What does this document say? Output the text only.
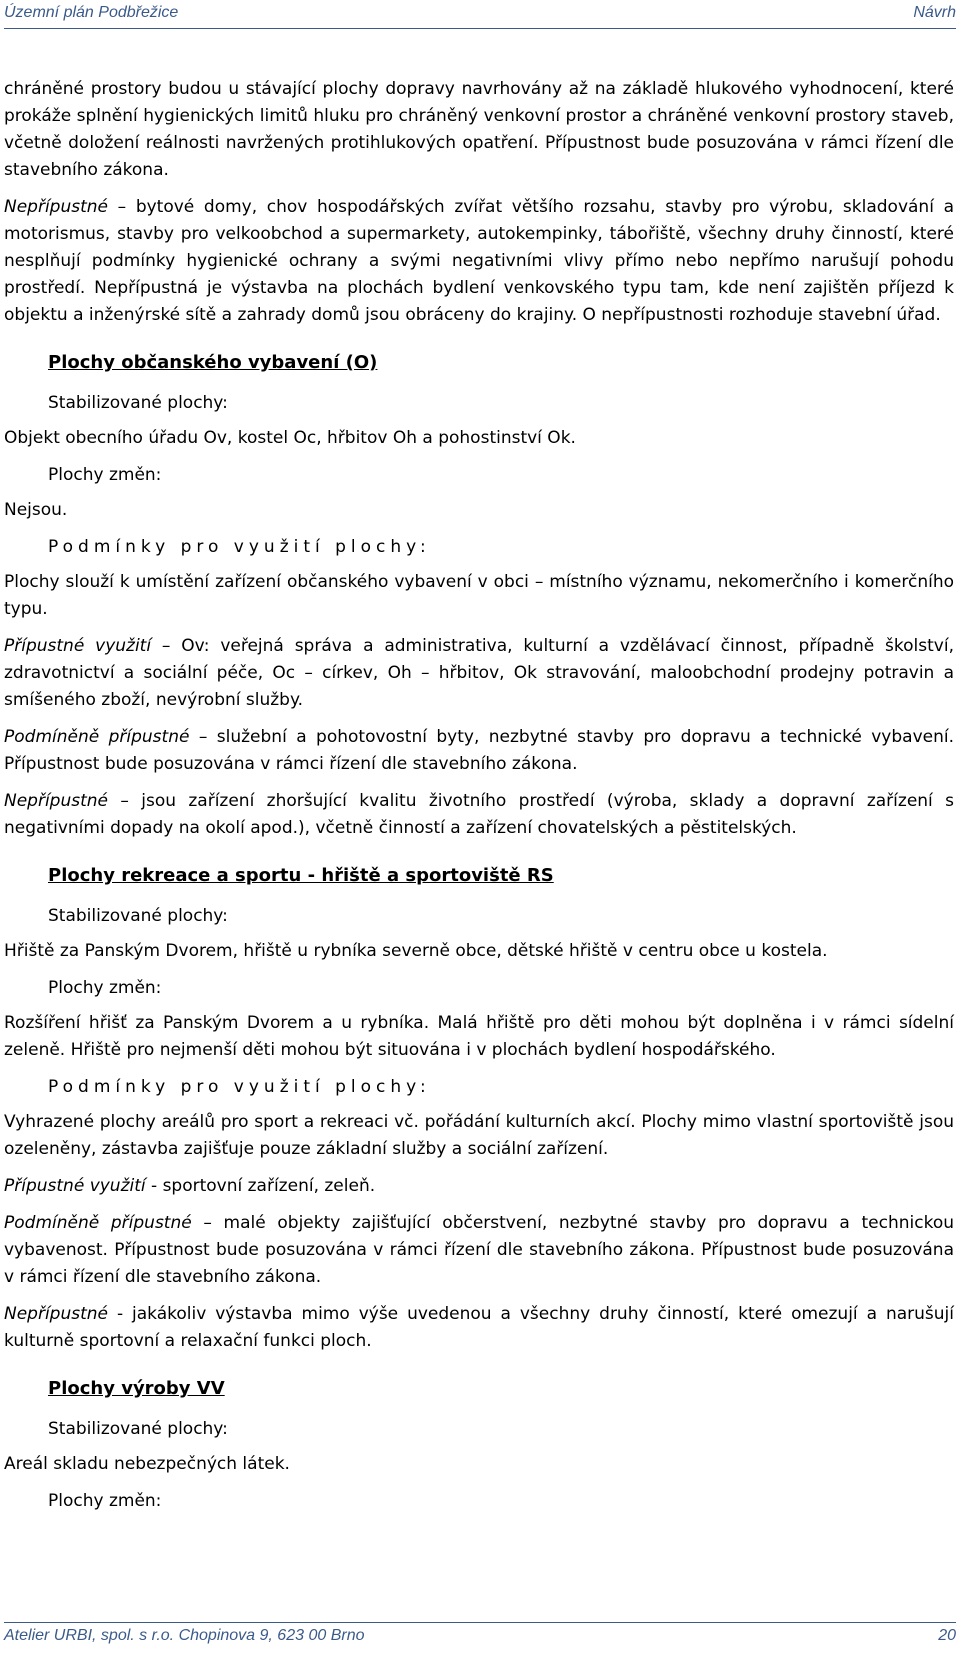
Územní plán Podbřežice	Návrh

chráněné prostory budou u stávající plochy dopravy navrhovány až na základě hlukového vyhodnocení, které prokáže splnění hygienických limitů hluku pro chráněný venkovní prostor a chráněné venkovní prostory staveb, včetně doložení reálnosti navržených protihlukových opatření. Přípustnost bude posuzována v rámci řízení dle stavebního zákona.

Nepřípustné – bytové domy, chov hospodářských zvířat většího rozsahu, stavby pro výrobu, skladování a motorismus, stavby pro velkoobchod a supermarkety, autokempinky, tábořiště, všechny druhy činností, které nesplňují podmínky hygienické ochrany a svými negativními vlivy přímo nebo nepřímo narušují pohodu prostředí. Nepřípustná je výstavba na plochách bydlení venkovského typu tam, kde není zajištěn příjezd k objektu a inženýrské sítě a zahrady domů jsou obráceny do krajiny. O nepřípustnosti rozhoduje stavební úřad.

Plochy občanského vybavení (O)
Stabilizované plochy:

Objekt obecního úřadu Ov, kostel Oc, hřbitov Oh a pohostinství Ok.

Plochy změn:

Nejsou.

Podmínky pro využití plochy:

Plochy slouží k umístění zařízení občanského vybavení v obci – místního významu, nekomerčního i komerčního typu.

Přípustné využití – Ov: veřejná správa a administrativa, kulturní a vzdělávací činnost, případně školství, zdravotnictví a sociální péče, Oc – církev, Oh – hřbitov, Ok stravování, maloobchodní prodejny potravin a smíšeného zboží, nevýrobní služby.

Podmíněně přípustné – služební a pohotovostní byty, nezbytné stavby pro dopravu a technické vybavení. Přípustnost bude posuzována v rámci řízení dle stavebního zákona.

Nepřípustné – jsou zařízení zhoršující kvalitu životního prostředí (výroba, sklady a dopravní zařízení s negativními dopady na okolí apod.), včetně činností a zařízení chovatelských a pěstitelských.

Plochy rekreace a sportu - hřiště a sportoviště RS
Stabilizované plochy:

Hřiště za Panským Dvorem, hřiště u rybníka severně obce, dětské hřiště v centru obce u kostela.

Plochy změn:

Rozšíření hřišť za Panským Dvorem a u rybníka. Malá hřiště pro děti mohou být doplněna i v rámci sídelní zeleně. Hřiště pro nejmenší děti mohou být situována i v plochách bydlení hospodářského.

Podmínky pro využití plochy:

Vyhrazené plochy areálů pro sport a rekreaci vč. pořádání kulturních akcí. Plochy mimo vlastní sportoviště jsou ozeleněny, zástavba zajišťuje pouze základní služby a sociální zařízení.

Přípustné využití - sportovní zařízení, zeleň.

Podmíněně přípustné – malé objekty zajišťující občerstvení, nezbytné stavby pro dopravu a technickou vybavenost. Přípustnost bude posuzována v rámci řízení dle stavebního zákona. Přípustnost bude posuzována v rámci řízení dle stavebního zákona.

Nepřípustné - jakákoliv výstavba mimo výše uvedenou a všechny druhy činností, které omezují a narušují kulturně sportovní a relaxační funkci ploch.

Plochy výroby VV
Stabilizované plochy:

Areál skladu nebezpečných látek.

Plochy změn:
Atelier URBI, spol. s r.o. Chopinova 9, 623 00 Brno	20
